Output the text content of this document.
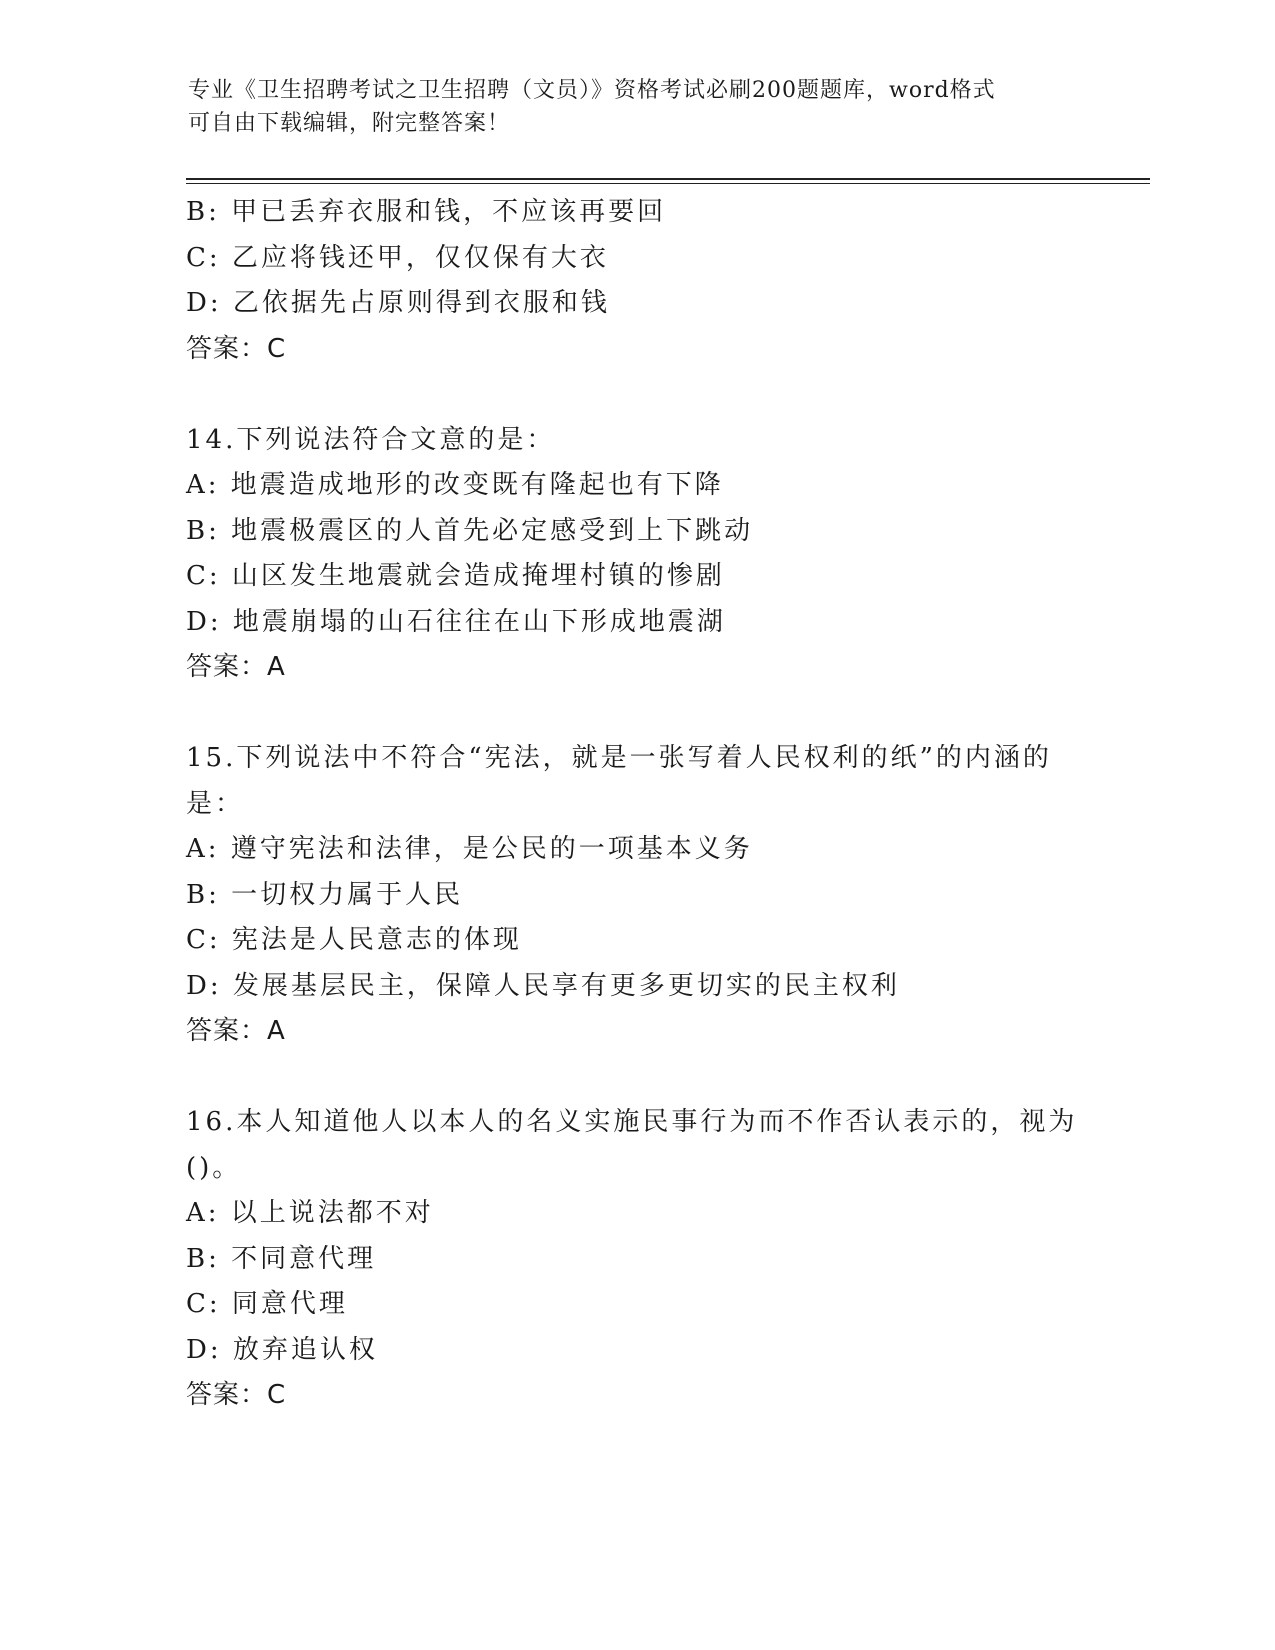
专业《卫生招聘考试之卫生招聘（文员）》资格考试必刷200题题库，word格式
可自由下载编辑，附完整答案！
B: 甲已丢弃衣服和钱，不应该再要回
C: 乙应将钱还甲，仅仅保有大衣
D: 乙依据先占原则得到衣服和钱
答案：C
14.下列说法符合文意的是：
A: 地震造成地形的改变既有隆起也有下降
B: 地震极震区的人首先必定感受到上下跳动
C: 山区发生地震就会造成掩埋村镇的惨剧
D: 地震崩塌的山石往往在山下形成地震湖
答案：A
15.下列说法中不符合“宪法，就是一张写着人民权利的纸”的内涵的
是：
A: 遵守宪法和法律，是公民的一项基本义务
B: 一切权力属于人民
C: 宪法是人民意志的体现
D: 发展基层民主，保障人民享有更多更切实的民主权利
答案：A
16.本人知道他人以本人的名义实施民事行为而不作否认表示的，视为
()。
A: 以上说法都不对
B: 不同意代理
C: 同意代理
D: 放弃追认权
答案：C
